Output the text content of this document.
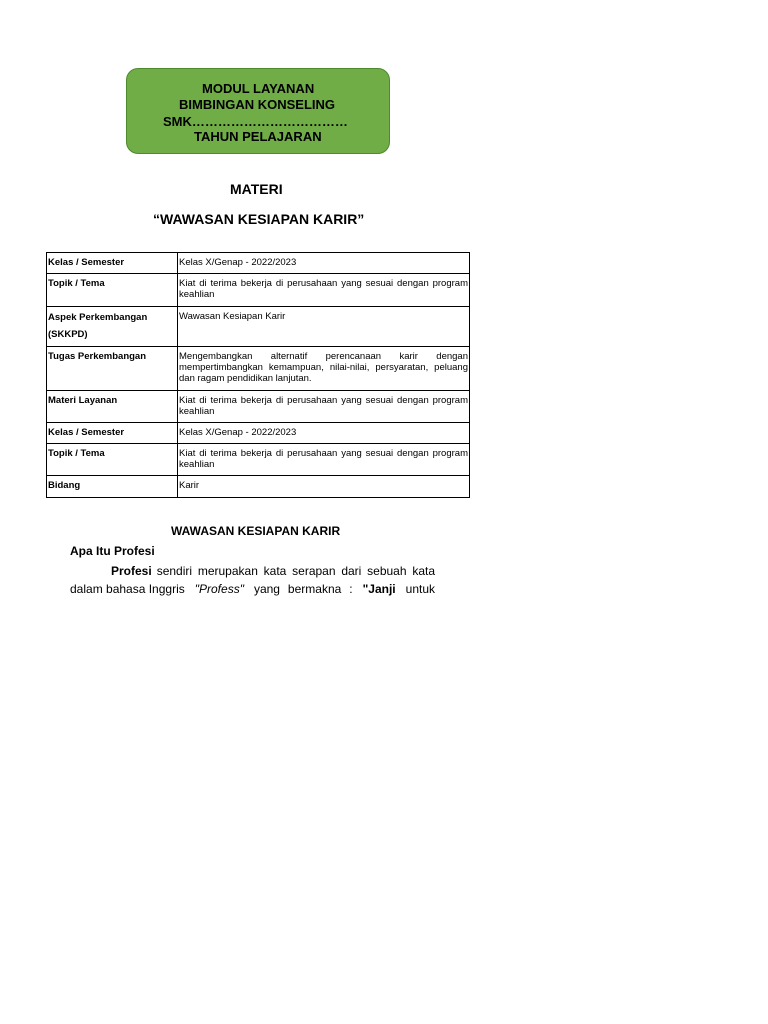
MODUL LAYANAN
BIMBINGAN KONSELING
SMK………………………………
TAHUN PELAJARAN
MATERI
“WAWASAN KESIAPAN KARIR”
Kelas / Semester	Kelas X/Genap - 2022/2023
Topik / Tema	Kiat di terima bekerja di perusahaan yang sesuai dengan program keahlian
Aspek Perkembangan (SKKPD)	Wawasan Kesiapan Karir
Tugas Perkembangan	Mengembangkan alternatif perencanaan karir dengan mempertimbangkan kemampuan, nilai-nilai, persyaratan, peluang dan ragam pendidikan lanjutan.
Materi Layanan	Kiat di terima bekerja di perusahaan yang sesuai dengan program keahlian
Kelas / Semester	Kelas X/Genap - 2022/2023
Topik / Tema	Kiat di terima bekerja di perusahaan yang sesuai dengan program keahlian
Bidang	Karir
WAWASAN KESIAPAN KARIR
Apa Itu Profesi
Profesi sendiri merupakan kata serapan dari sebuah kata
dalam bahasa Inggris "Profess" yang bermakna : "Janji untuk
